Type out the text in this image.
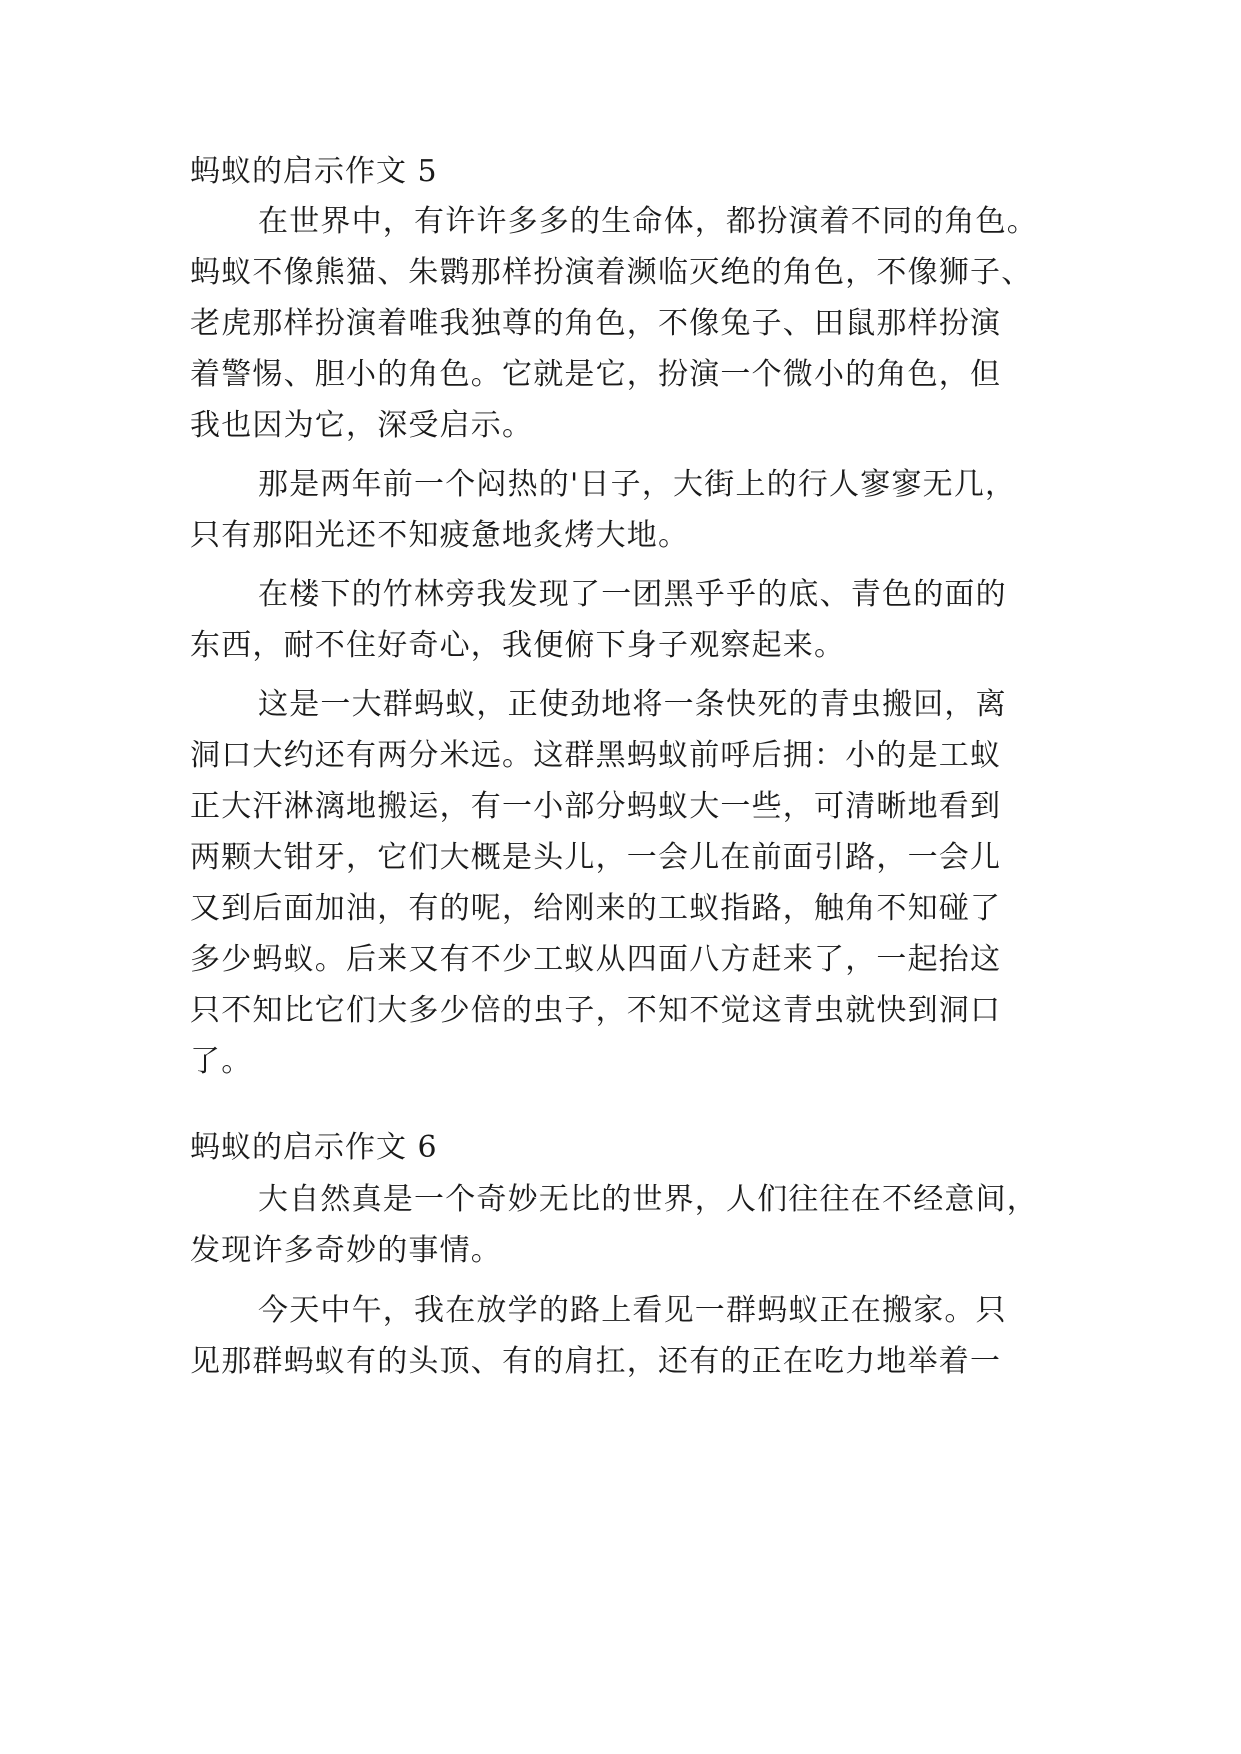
蚂蚁的启示作文 5
在世界中，有许许多多的生命体，都扮演着不同的角色。
蚂蚁不像熊猫、朱鹮那样扮演着濒临灭绝的角色，不像狮子、
老虎那样扮演着唯我独尊的角色，不像兔子、田鼠那样扮演
着警惕、胆小的角色。它就是它，扮演一个微小的角色，但
我也因为它，深受启示。
那是两年前一个闷热的'日子，大街上的行人寥寥无几，
只有那阳光还不知疲惫地炙烤大地。
在楼下的竹林旁我发现了一团黑乎乎的底、青色的面的
东西，耐不住好奇心，我便俯下身子观察起来。
这是一大群蚂蚁，正使劲地将一条快死的青虫搬回，离
洞口大约还有两分米远。这群黑蚂蚁前呼后拥：小的是工蚁
正大汗淋漓地搬运，有一小部分蚂蚁大一些，可清晰地看到
两颗大钳牙，它们大概是头儿，一会儿在前面引路，一会儿
又到后面加油，有的呢，给刚来的工蚁指路，触角不知碰了
多少蚂蚁。后来又有不少工蚁从四面八方赶来了，一起抬这
只不知比它们大多少倍的虫子，不知不觉这青虫就快到洞口
了。
蚂蚁的启示作文 6
大自然真是一个奇妙无比的世界，人们往往在不经意间，
发现许多奇妙的事情。
今天中午，我在放学的路上看见一群蚂蚁正在搬家。只
见那群蚂蚁有的头顶、有的肩扛，还有的正在吃力地举着一
